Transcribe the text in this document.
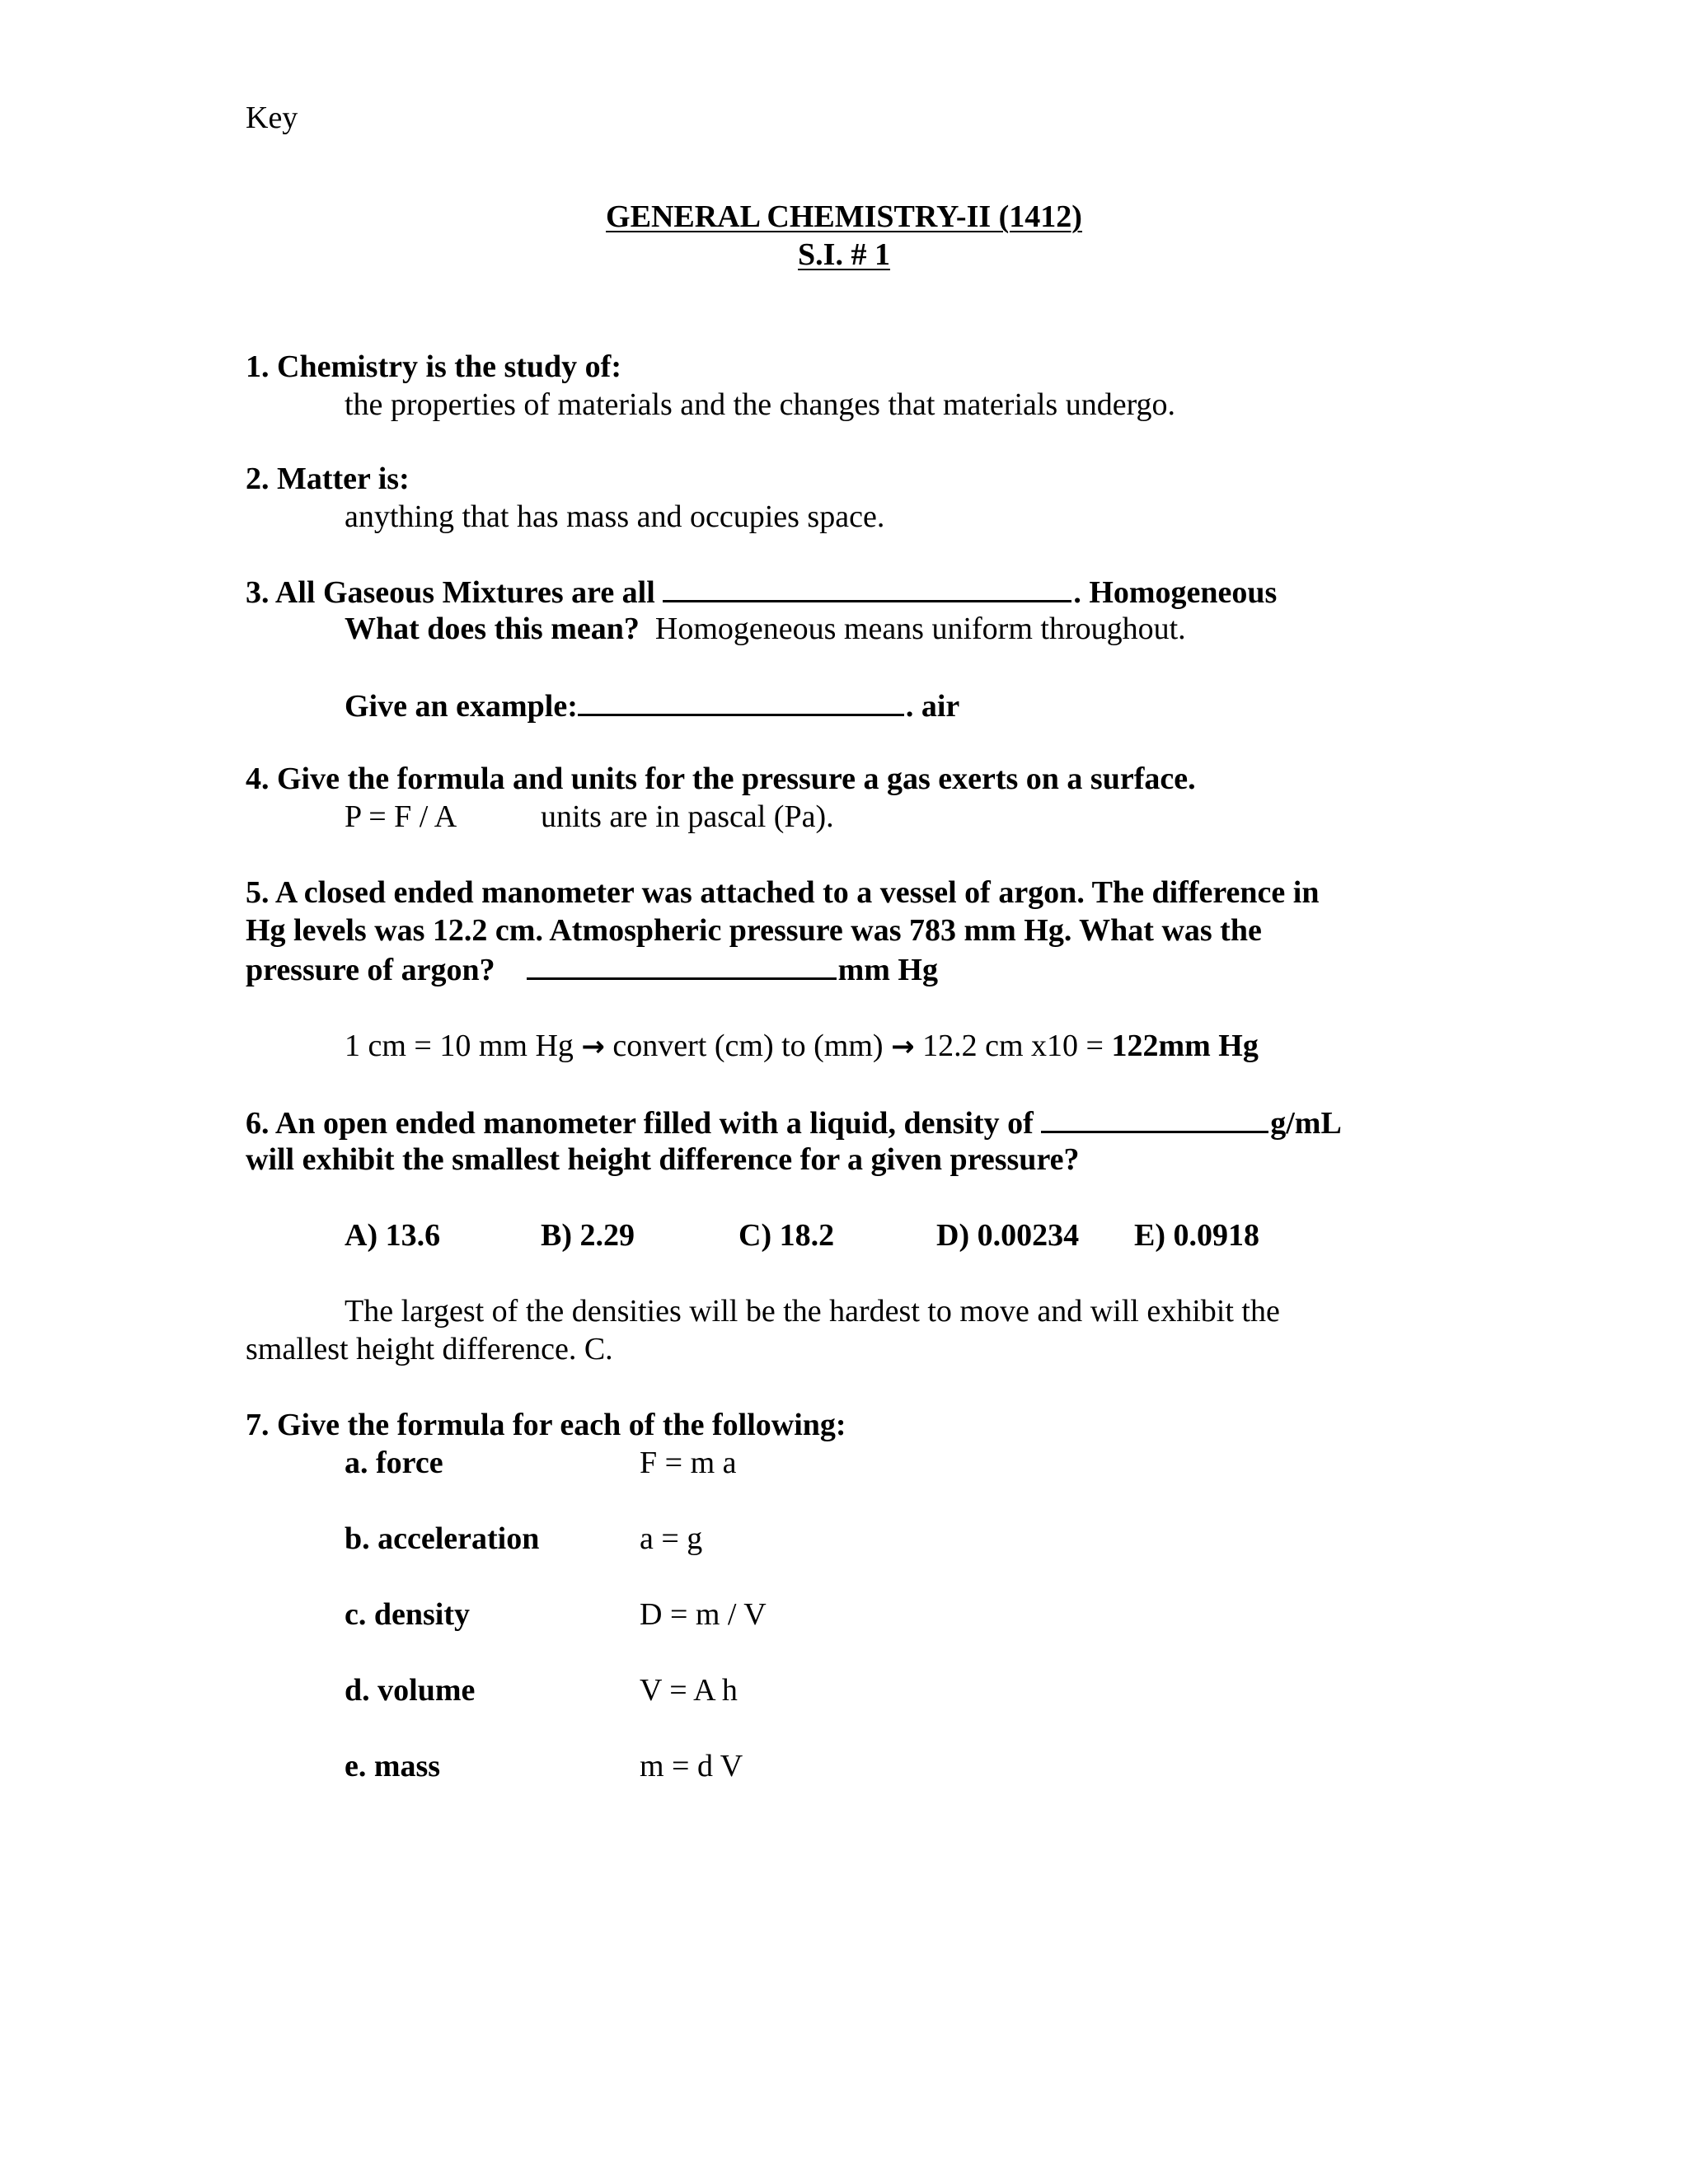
Key
GENERAL CHEMISTRY-II (1412)
S.I. # 1
1. Chemistry is the study of:
the properties of materials and the changes that materials undergo.
2. Matter is:
anything that has mass and occupies space.
3. All Gaseous Mixtures are all	. Homogeneous
What does this mean? Homogeneous means uniform throughout.
Give an example:	. air
4. Give the formula and units for the pressure a gas exerts on a surface.
P = F / A	units are in pascal (Pa).
5. A closed ended manometer was attached to a vessel of argon. The difference in
Hg levels was 12.2 cm. Atmospheric pressure was 783 mm Hg. What was the
pressure of argon?	mm Hg
1 cm = 10 mm Hg → convert (cm) to (mm) → 12.2 cm x10 = 122mm Hg
6. An open ended manometer filled with a liquid, density of	g/mL
will exhibit the smallest height difference for a given pressure?
A) 13.6	B) 2.29	C) 18.2	D) 0.00234 E) 0.0918
The largest of the densities will be the hardest to move and will exhibit the
smallest height difference. C.
7. Give the formula for each of the following:
a. force	F = m a
b. acceleration	a = g
c. density	D = m / V
d. volume	V = A h
e. mass	m = d V
